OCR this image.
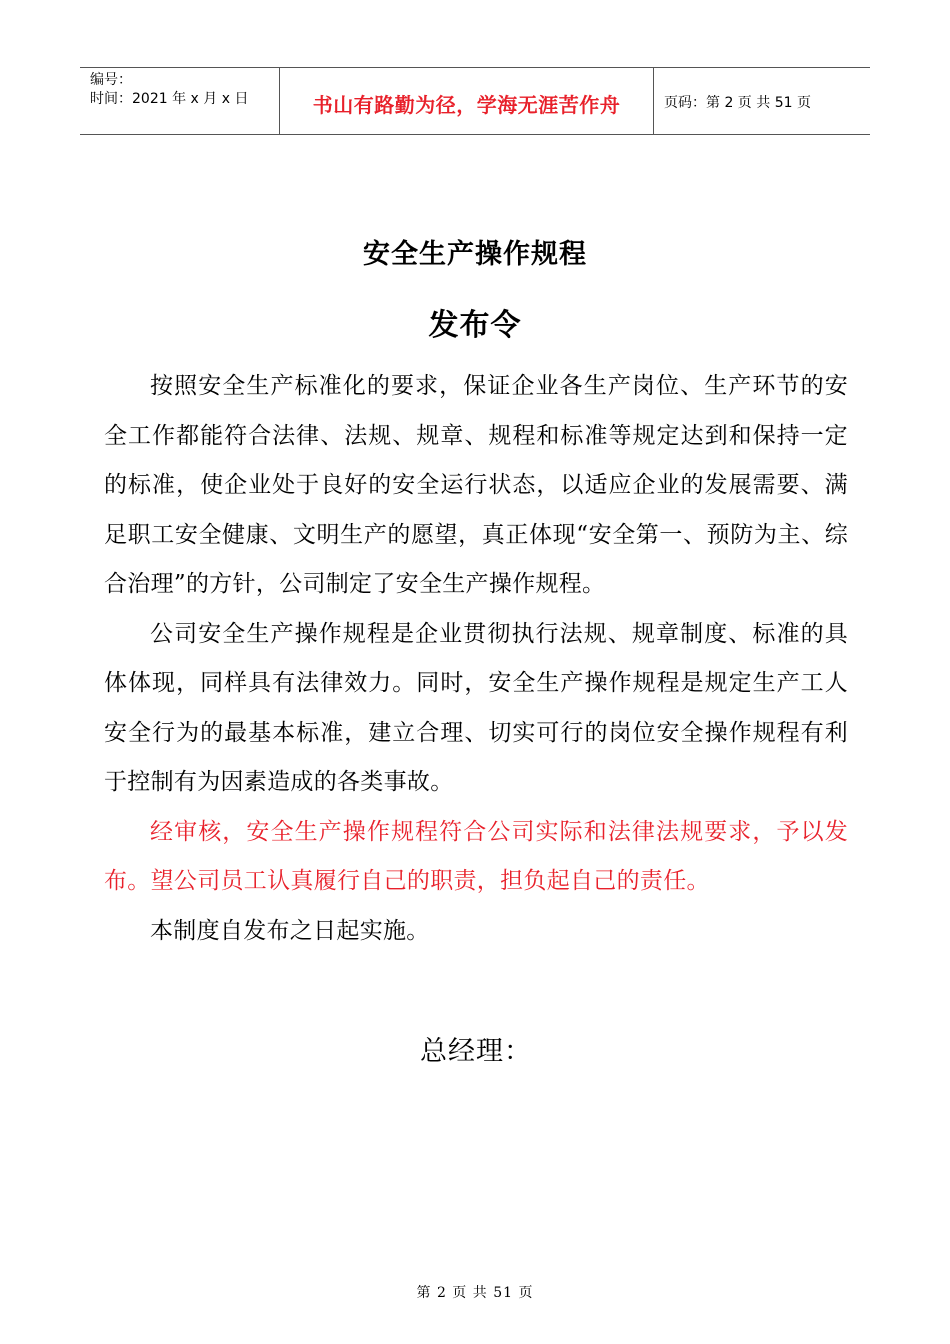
编号：
时间：2021 年 x 月 x 日	书山有路勤为径，学海无涯苦作舟	页码：第 2 页 共 51 页
安全生产操作规程
发布令

按照安全生产标准化的要求，保证企业各生产岗位、生产环节的安全工作都能符合法律、法规、规章、规程和标准等规定达到和保持一定的标准，使企业处于良好的安全运行状态，以适应企业的发展需要、满足职工安全健康、文明生产的愿望，真正体现“安全第一、预防为主、综合治理”的方针，公司制定了安全生产操作规程。

公司安全生产操作规程是企业贯彻执行法规、规章制度、标准的具体体现，同样具有法律效力。同时，安全生产操作规程是规定生产工人安全行为的最基本标准，建立合理、切实可行的岗位安全操作规程有利于控制有为因素造成的各类事故。

经审核，安全生产操作规程符合公司实际和法律法规要求，予以发布。望公司员工认真履行自己的职责，担负起自己的责任。

本制度自发布之日起实施。

总经理：
第 2 页 共 51 页
